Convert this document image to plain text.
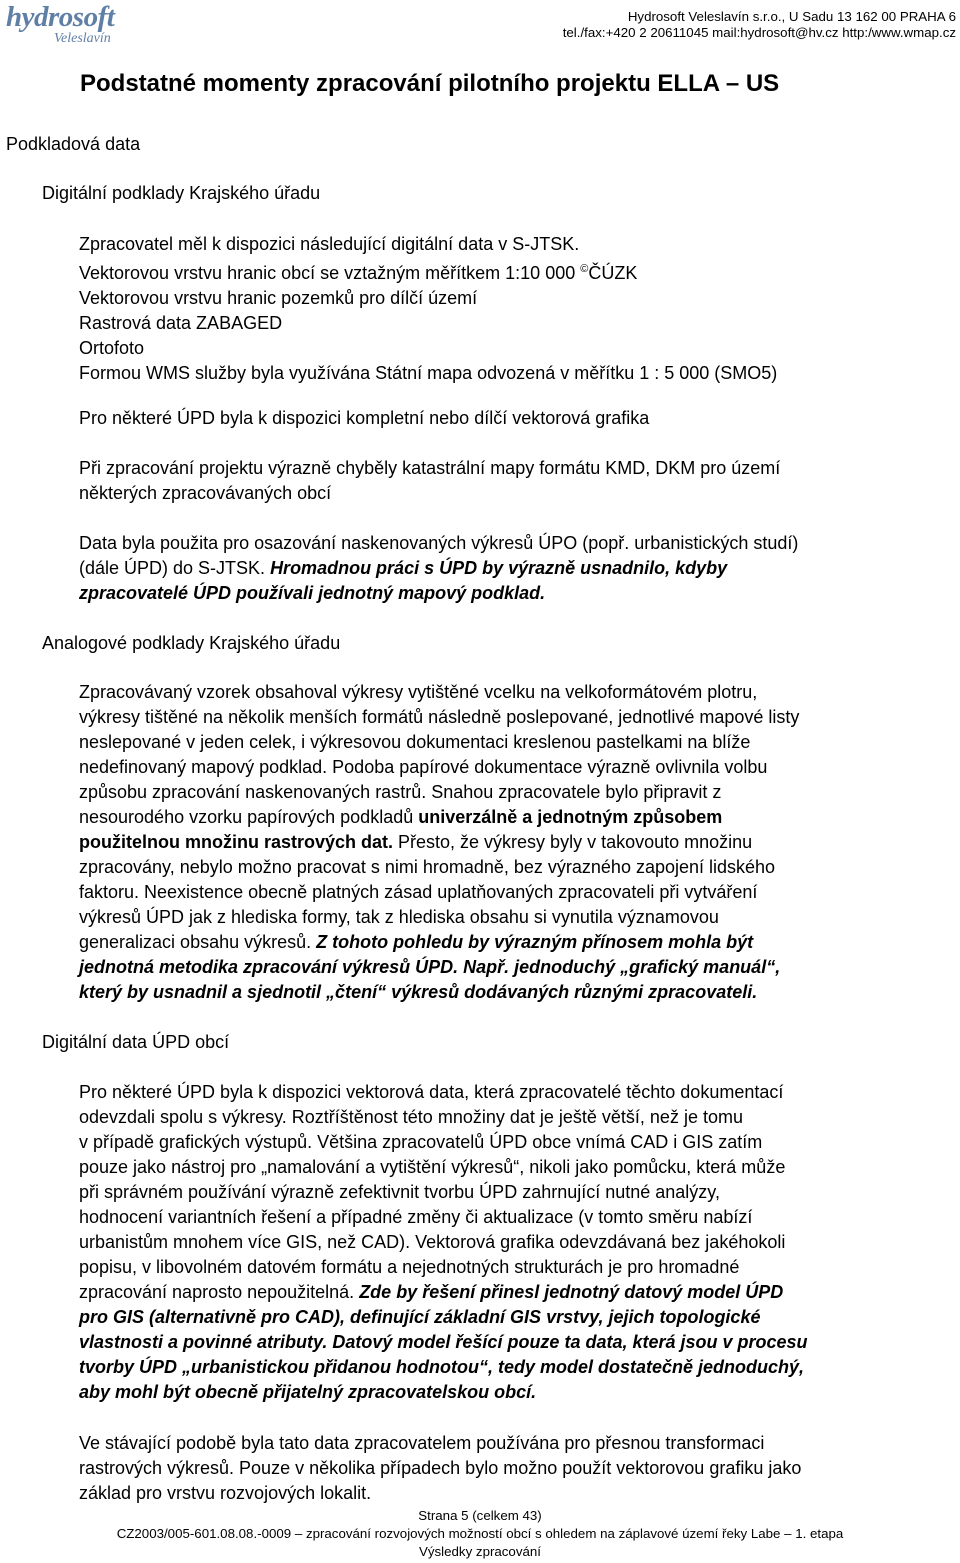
hydrosoft
Veleslavín
Hydrosoft Veleslavín s.r.o., U Sadu 13 162 00 PRAHA 6
tel./fax:+420 2 20611045 mail:hydrosoft@hv.cz http:/www.wmap.cz
Podstatné momenty zpracování pilotního projektu ELLA – US
Podkladová data
Digitální podklady Krajského úřadu
Zpracovatel měl k dispozici následující digitální data v S-JTSK.
Vektorovou vrstvu hranic obcí se vztažným měřítkem 1:10 000 ©ČÚZK
Vektorovou vrstvu hranic pozemků pro dílčí území
Rastrová data ZABAGED
Ortofoto
Formou WMS služby byla využívána Státní mapa odvozená v měřítku 1 : 5 000 (SMO5)
Pro některé ÚPD byla k dispozici kompletní nebo dílčí vektorová grafika
Při zpracování projektu výrazně chyběly katastrální mapy formátu KMD, DKM pro území
některých zpracovávaných obcí
Data byla použita pro osazování naskenovaných výkresů ÚPO (popř. urbanistických studí)
(dále ÚPD) do S-JTSK. Hromadnou práci s ÚPD by výrazně usnadnilo, kdyby
zpracovatelé ÚPD používali jednotný mapový podklad.
Analogové podklady Krajského úřadu
Zpracovávaný vzorek obsahoval výkresy vytištěné vcelku na velkoformátovém plotru,
výkresy tištěné na několik menších formátů následně poslepované, jednotlivé mapové listy
neslepované v jeden celek, i výkresovou dokumentaci kreslenou pastelkami na blíže
nedefinovaný mapový podklad. Podoba papírové dokumentace výrazně ovlivnila volbu
způsobu zpracování naskenovaných rastrů. Snahou zpracovatele bylo připravit z
nesourodého vzorku papírových podkladů univerzálně a jednotným způsobem
použitelnou množinu rastrových dat. Přesto, že výkresy byly v takovouto množinu
zpracovány, nebylo možno pracovat s nimi hromadně, bez výrazného zapojení lidského
faktoru. Neexistence obecně platných zásad uplatňovaných zpracovateli při vytváření
výkresů ÚPD jak z hlediska formy, tak z hlediska obsahu si vynutila významovou
generalizaci obsahu výkresů. Z tohoto pohledu by výrazným přínosem mohla být
jednotná metodika zpracování výkresů ÚPD. Např. jednoduchý „grafický manuál“,
který by usnadnil a sjednotil „čtení“ výkresů dodávaných různými zpracovateli.
Digitální data ÚPD obcí
Pro některé ÚPD byla k dispozici vektorová data, která zpracovatelé těchto dokumentací
odevzdali spolu s výkresy. Roztříštěnost této množiny dat je ještě větší, než je tomu
v případě grafických výstupů. Většina zpracovatelů ÚPD obce vnímá CAD i GIS zatím
pouze jako nástroj pro „namalování a vytištění výkresů“, nikoli jako pomůcku, která může
při správném používání výrazně zefektivnit tvorbu ÚPD zahrnující nutné analýzy,
hodnocení variantních řešení a případné změny či aktualizace (v tomto směru nabízí
urbanistům mnohem více GIS, než CAD). Vektorová grafika odevzdávaná bez jakéhokoli
popisu, v libovolném datovém formátu a nejednotných strukturách je pro hromadné
zpracování naprosto nepoužitelná. Zde by řešení přinesl jednotný datový model ÚPD
pro GIS (alternativně pro CAD), definující základní GIS vrstvy, jejich topologické
vlastnosti a povinné atributy. Datový model řešící pouze ta data, která jsou v procesu
tvorby ÚPD „urbanistickou přidanou hodnotou“, tedy model dostatečně jednoduchý,
aby mohl být obecně přijatelný zpracovatelskou obcí.
Ve stávající podobě byla tato data zpracovatelem používána pro přesnou transformaci
rastrových výkresů. Pouze v několika případech bylo možno použít vektorovou grafiku jako
základ pro vrstvu rozvojových lokalit.
Strana 5 (celkem 43)
CZ2003/005-601.08.08.-0009 – zpracování rozvojových možností obcí s ohledem na záplavové území řeky Labe – 1. etapa
Výsledky zpracování
